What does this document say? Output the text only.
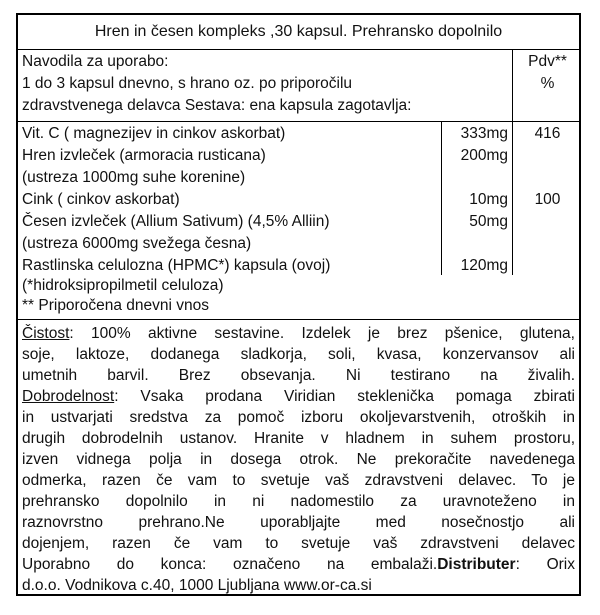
Hren in česen kompleks ,30 kapsul. Prehransko dopolnilo
Navodila za uporabo:
1 do 3 kapsul dnevno, s hrano oz. po priporočilu
zdravstvenega delavca Sestava: ena kapsula zagotavlja:
Pdv**
%
Vit. C ( magnezijev in cinkov askorbat)	333mg	416
Hren izvleček (armoracia rusticana)	200mg
(ustreza 1000mg suhe korenine)
Cink ( cinkov askorbat)	10mg	100
Česen izvleček (Allium Sativum) (4,5% Alliin)	50mg
(ustreza 6000mg svežega česna)
Rastlinska celulozna (HPMC*) kapsula (ovoj)	120mg
(*hidroksipropilmetil celuloza)
** Priporočena dnevni vnos
Čistost: 100% aktivne sestavine. Izdelek je brez pšenice, glutena,
soje, laktoze, dodanega sladkorja, soli, kvasa, konzervansov ali
umetnih barvil. Brez obsevanja. Ni testirano na živalih.
Dobrodelnost: Vsaka prodana Viridian steklenička pomaga zbirati
in ustvarjati sredstva za pomoč izboru okoljevarstvenih, otroških in
drugih dobrodelnih ustanov. Hranite v hladnem in suhem prostoru,
izven vidnega polja in dosega otrok. Ne prekoračite navedenega
odmerka, razen če vam to svetuje vaš zdravstveni delavec. To je
prehransko dopolnilo in ni nadomestilo za uravnoteženo in
raznovrstno prehrano.Ne uporabljajte med nosečnostjo ali
dojenjem, razen če vam to svetuje vaš zdravstveni delavec
Uporabno do konca: označeno na embalaži.Distributer: Orix
d.o.o. Vodnikova c.40, 1000 Ljubljana www.or-ca.si
